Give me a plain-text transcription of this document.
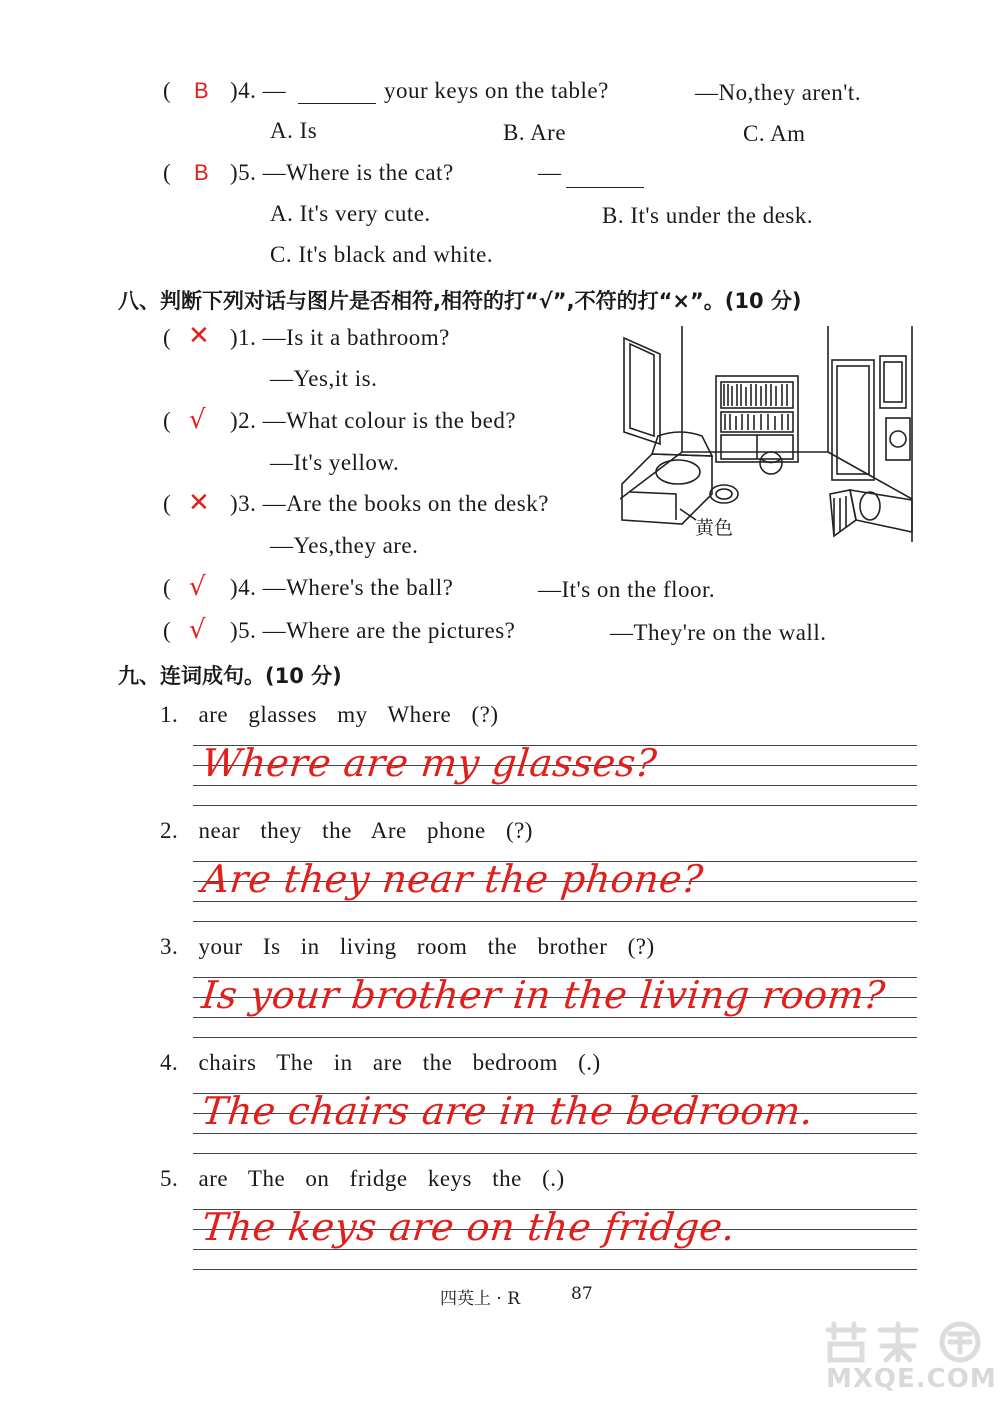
( B )4. —	your keys on the table?	—No,they aren't.
A. Is	B. Are	C. Am
( B )5. —Where is the cat?	—
A. It's very cute.	B. It's under the desk.
C. It's black and white.
八、判断下列对话与图片是否相符,相符的打“√”,不符的打“×”。(10 分)
( ✕ )1. —Is it a bathroom?
—Yes,it is.
( √ )2. —What colour is the bed?
—It's yellow.
( ✕ )3. —Are the books on the desk?
—Yes,they are.
( √ )4. —Where's the ball?	—It's on the floor.
( √ )5. —Where are the pictures?	—They're on the wall.
黄色
九、连词成句。(10 分)
1. are glasses my Where (?)
Where are my glasses?
2. near they the Are phone (?)
Are they near the phone?
3. your Is in living room the brother (?)
Is your brother in the living room?
4. chairs The in are the bedroom (.)
The chairs are in the bedroom.
5. are The on fridge keys the (.)
The keys are on the fridge.
四英上 · R	87
MXQE.COM
